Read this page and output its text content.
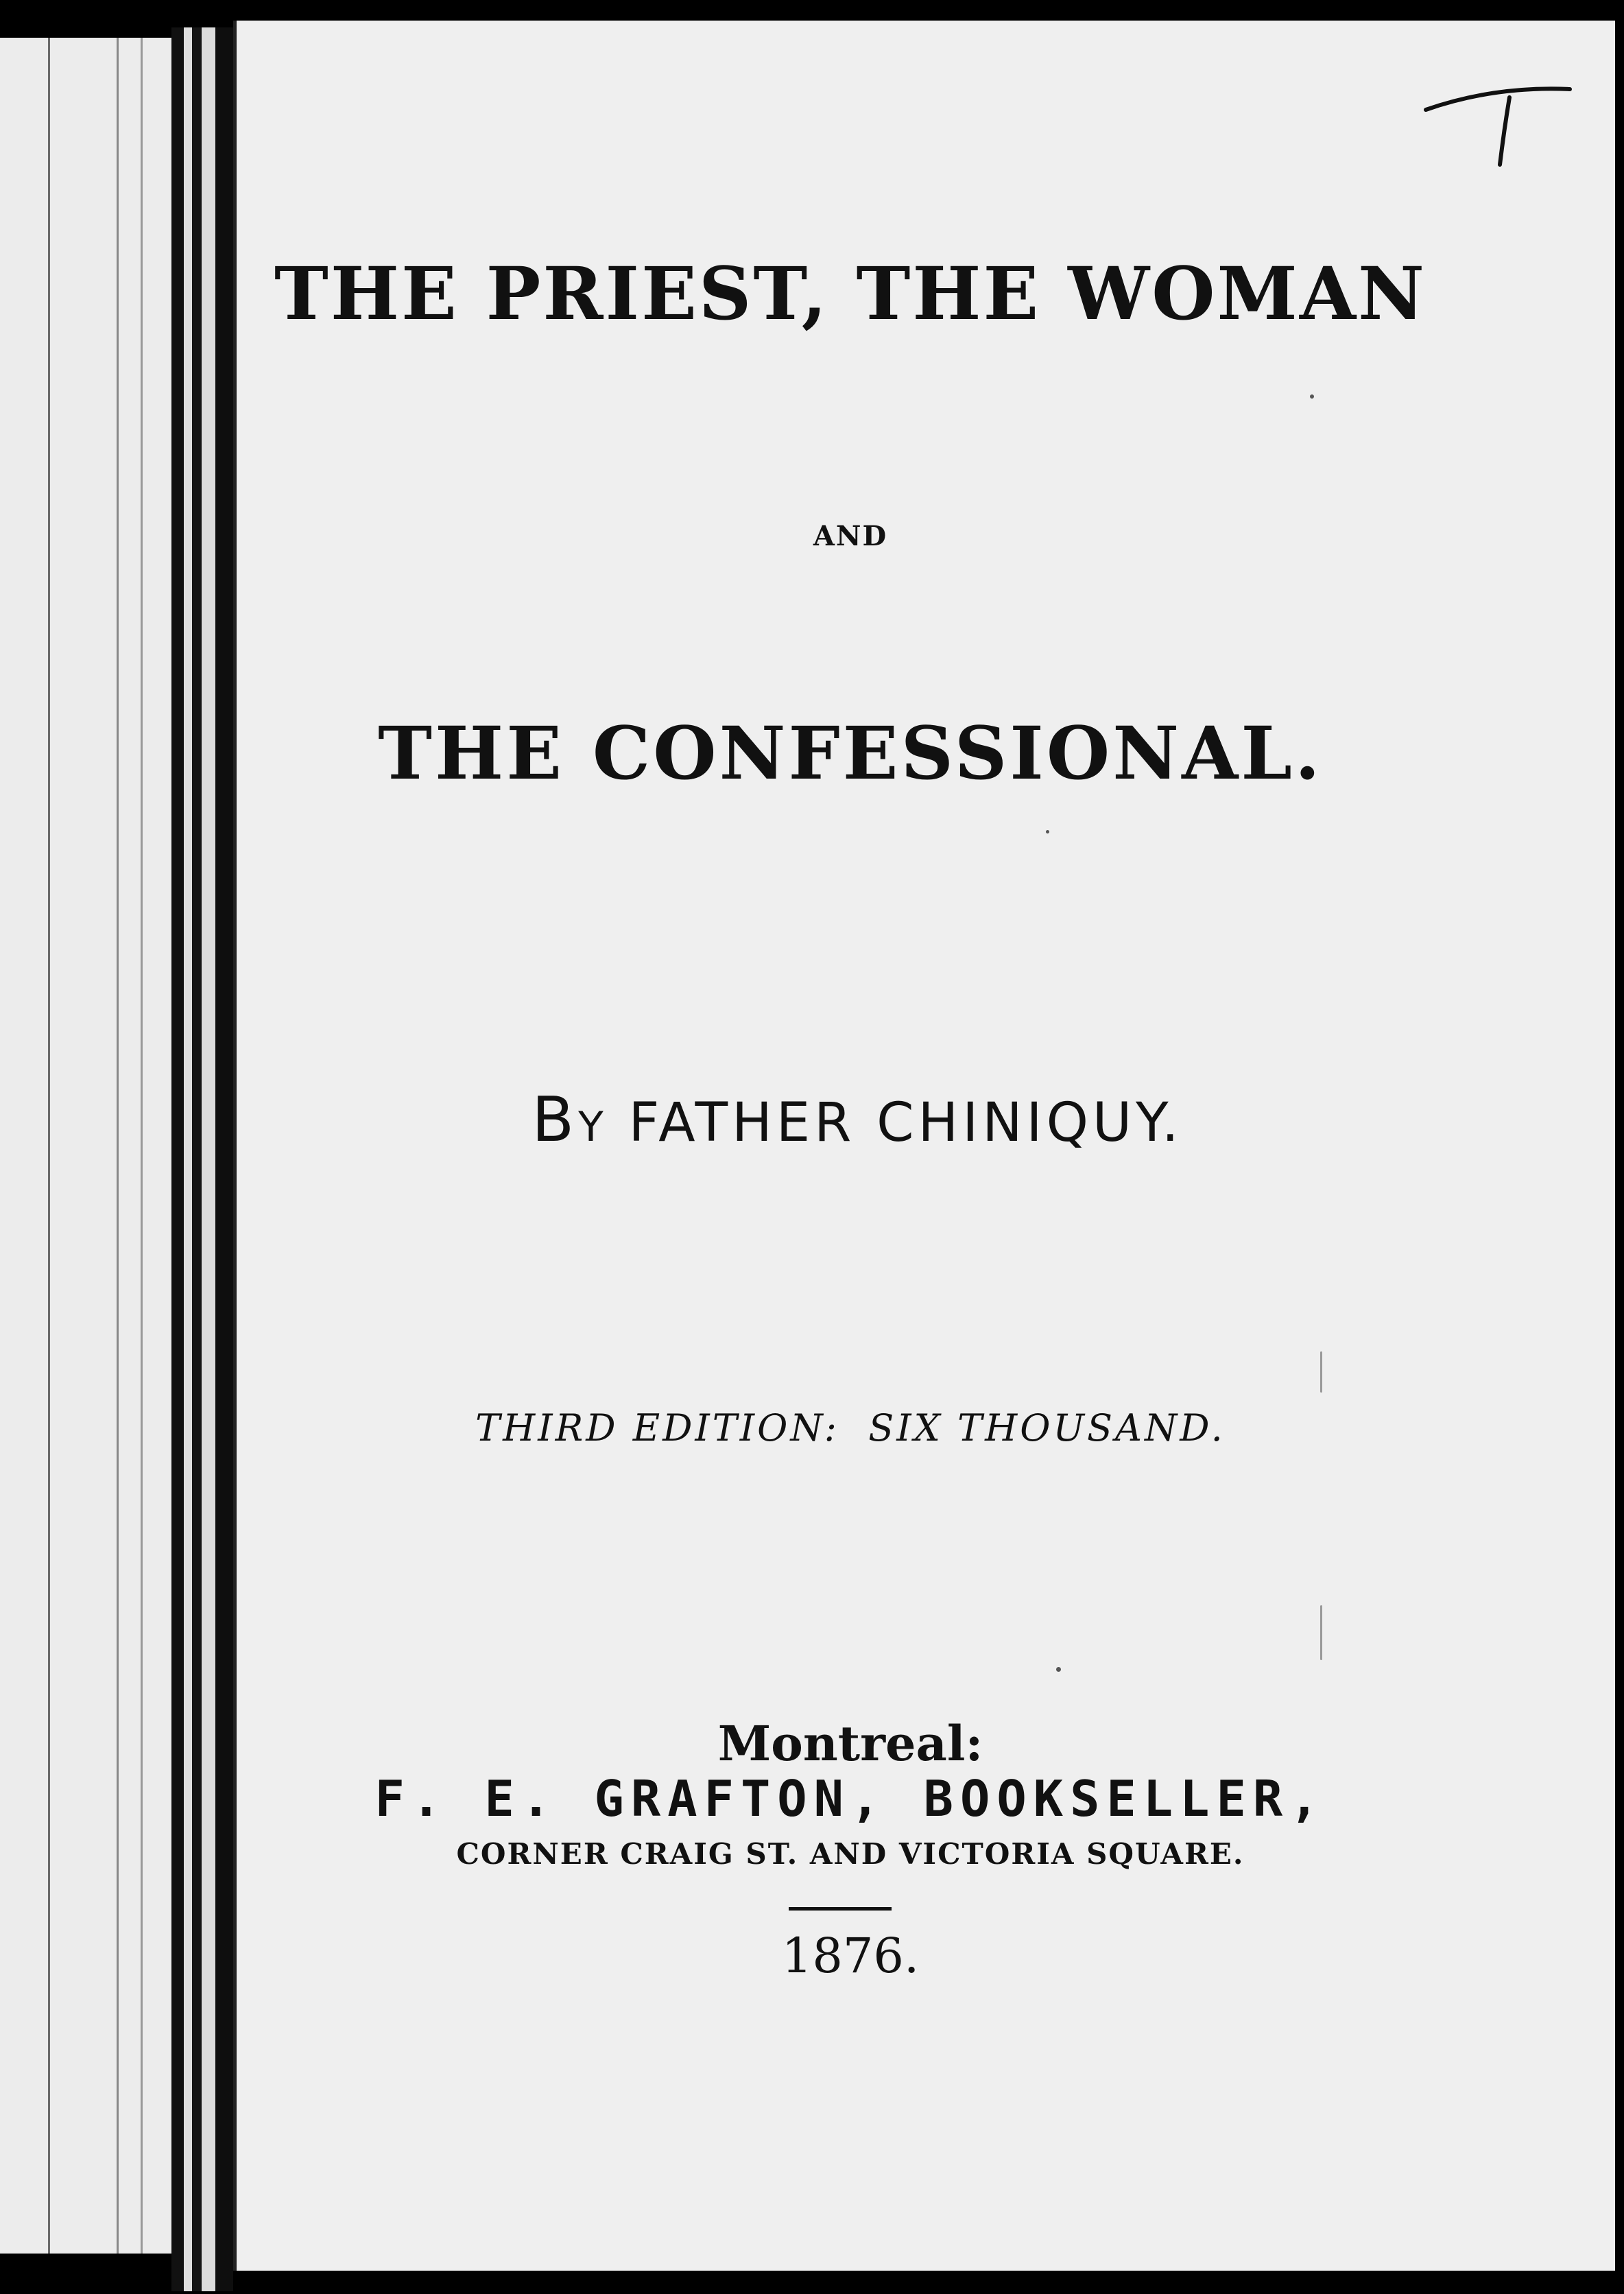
THE PRIEST, THE WOMAN
AND
THE CONFESSIONAL.
BY FATHER CHINIQUY.
THIRD EDITION:  SIX THOUSAND.
Montreal:
F. E. GRAFTON, BOOKSELLER,
CORNER CRAIG ST. AND VICTORIA SQUARE.
1876.
